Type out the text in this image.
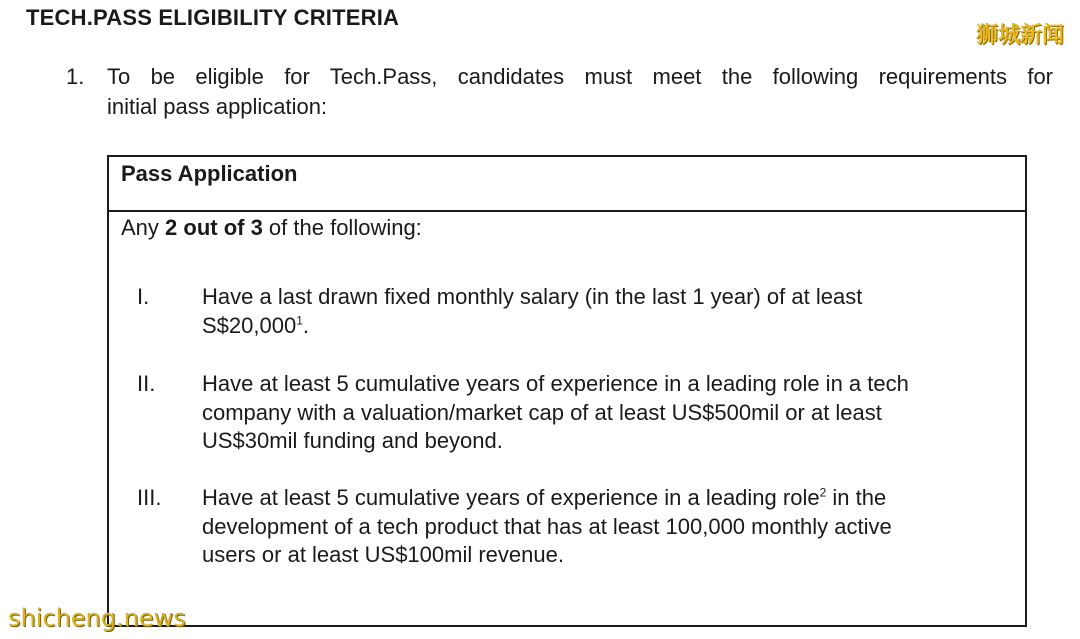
TECH.PASS ELIGIBILITY CRITERIA
狮城新闻
1. To be eligible for Tech.Pass, candidates must meet the following requirements for
initial pass application:
Pass Application
Any 2 out of 3 of the following:
I. Have a last drawn fixed monthly salary (in the last 1 year) of at least
S$20,000$^1$.
II. Have at least 5 cumulative years of experience in a leading role in a tech
company with a valuation/market cap of at least US$500mil or at least
US$30mil funding and beyond.
III. Have at least 5 cumulative years of experience in a leading role$^2$ in the
development of a tech product that has at least 100,000 monthly active
users or at least US$100mil revenue.
shicheng.news
